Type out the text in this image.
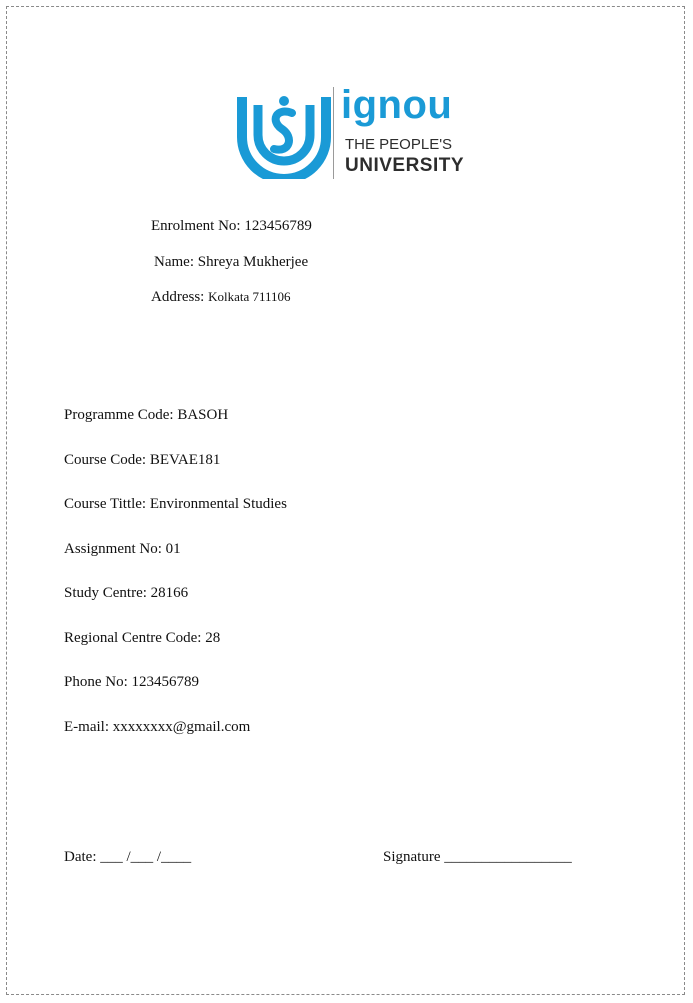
ignou
THE PEOPLE'S
UNIVERSITY
Enrolment No: 123456789
Name: Shreya Mukherjee
Address: Kolkata 711106
Programme Code: BASOH
Course Code: BEVAE181
Course Tittle: Environmental Studies
Assignment No: 01
Study Centre: 28166
Regional Centre Code: 28
Phone No: 123456789
E-mail: xxxxxxxx@gmail.com
Date: ___ /___ /____	Signature _________________
